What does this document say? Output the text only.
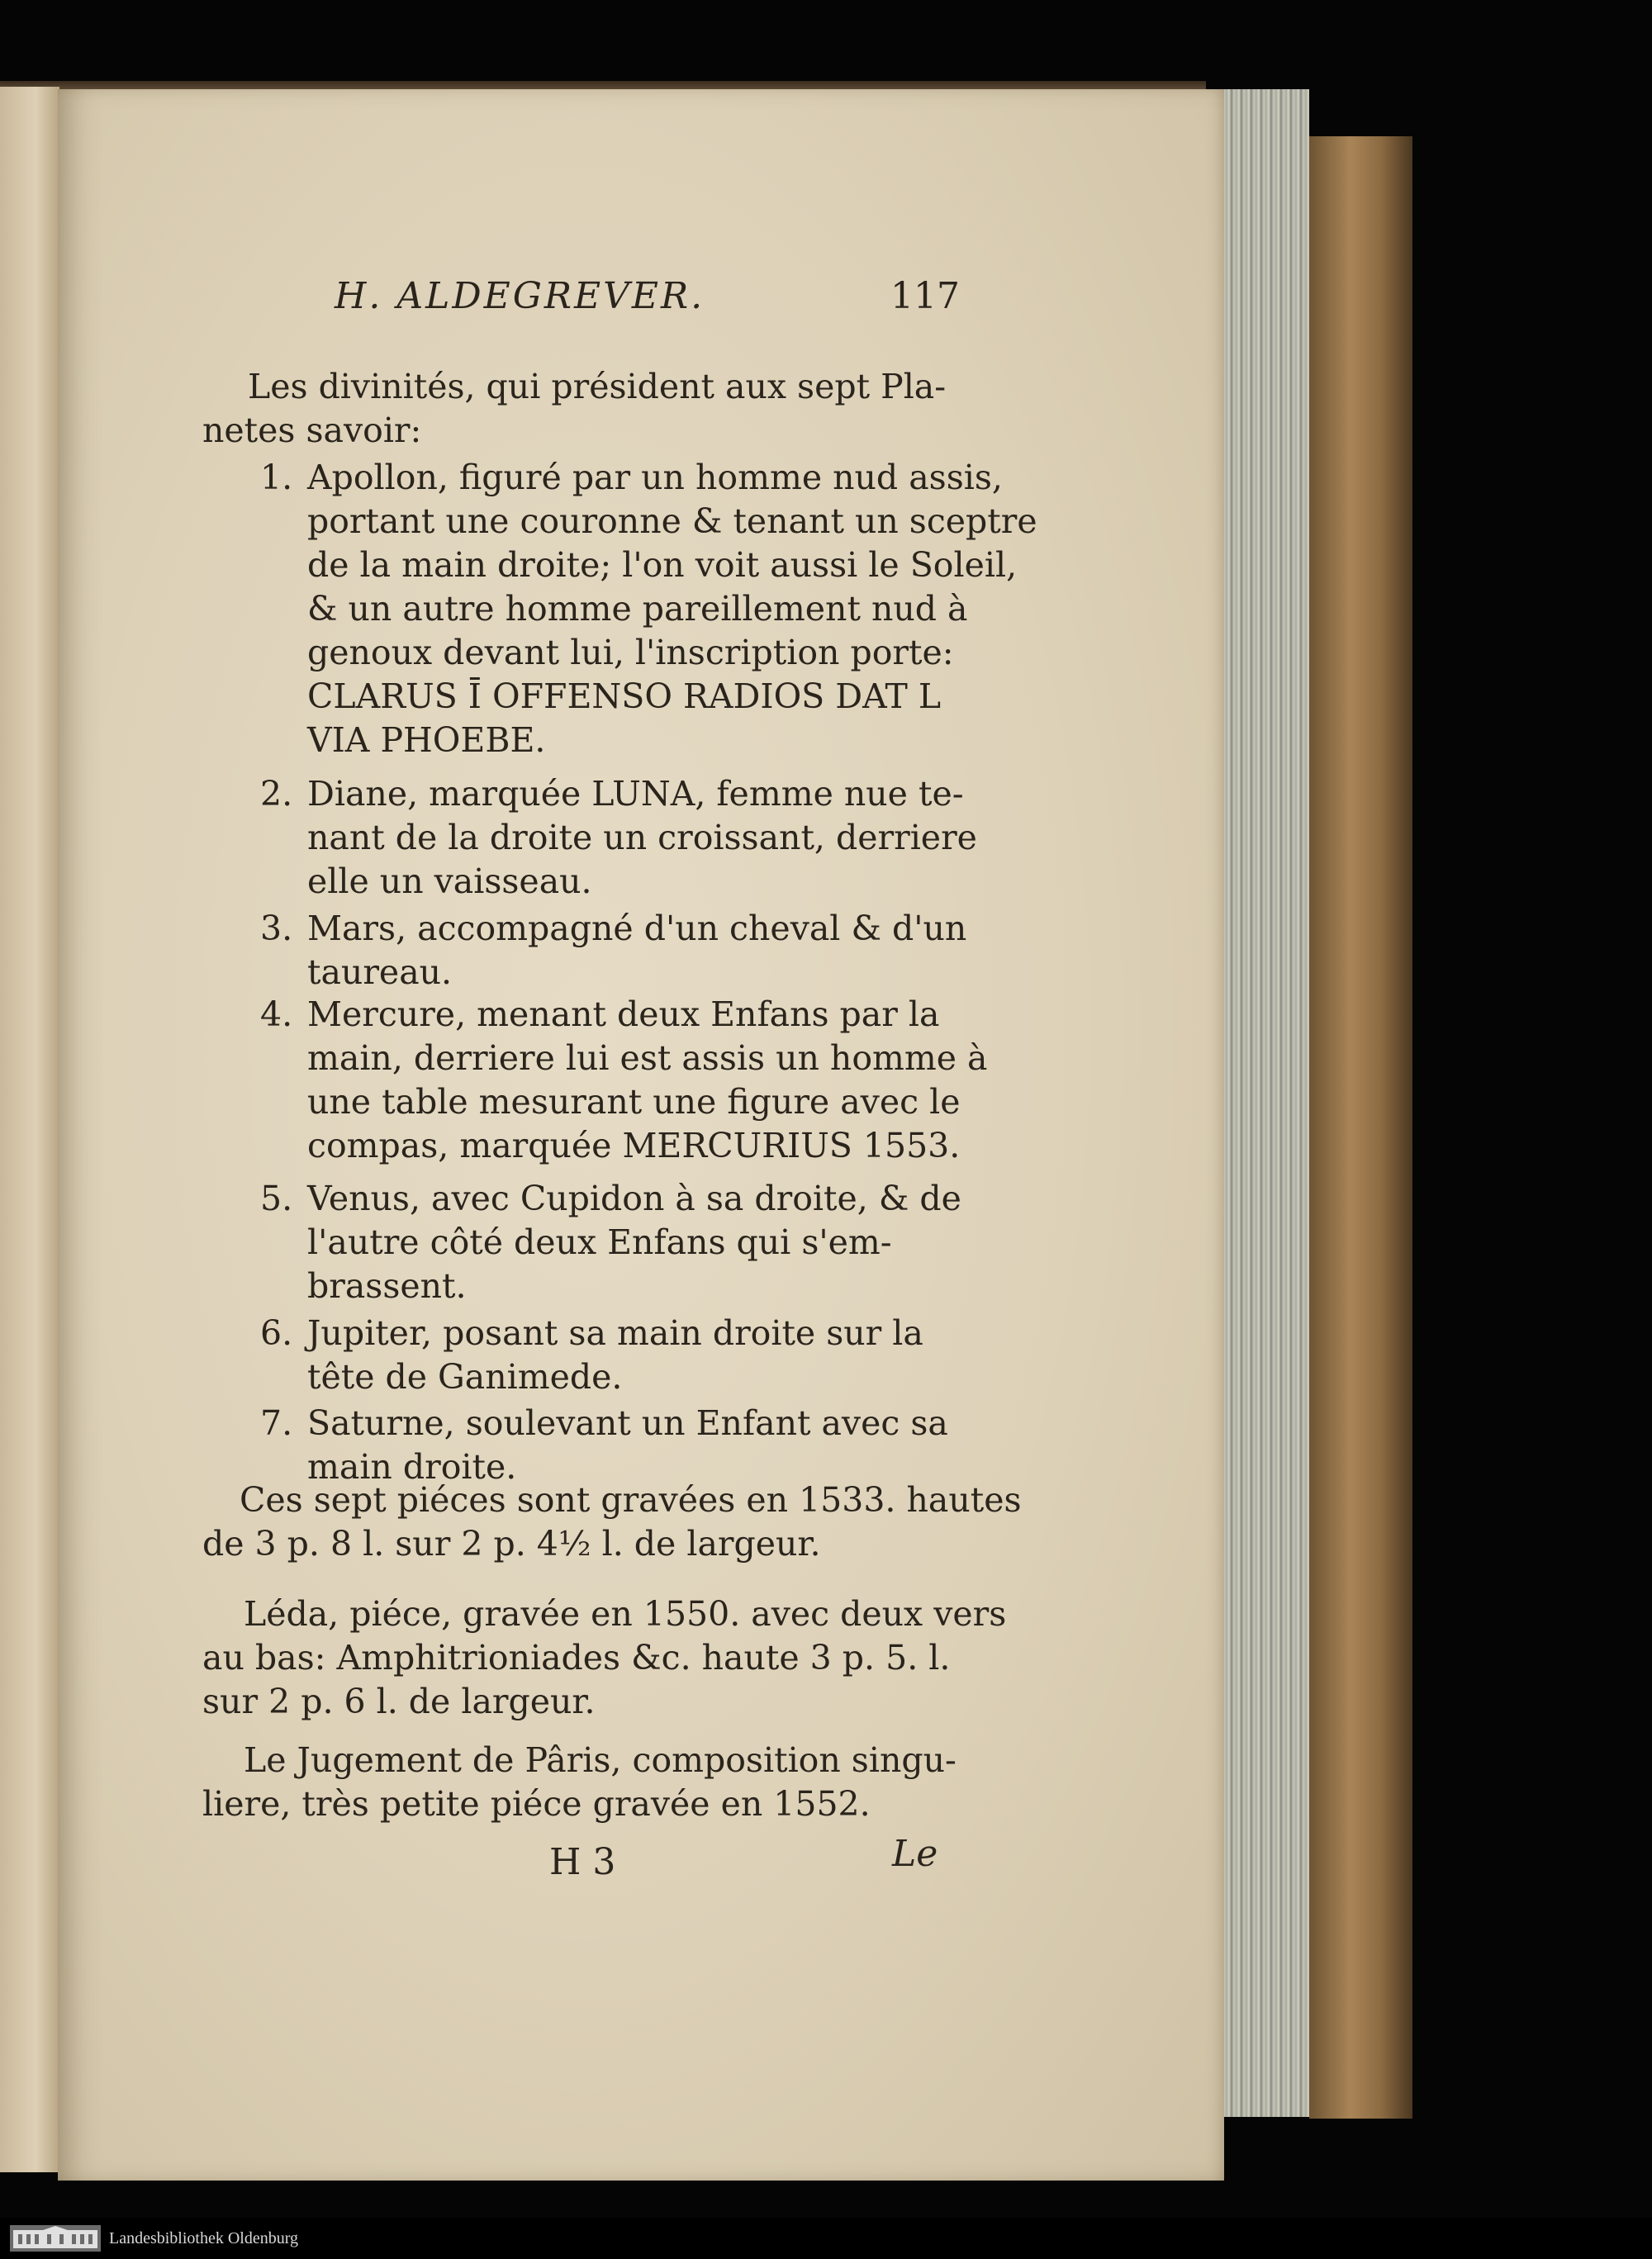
H. ALDEGREVER.	117
Les divinités, qui président aux sept Pla-
netes savoir:
1. Apollon, figuré par un homme nud assis,
portant une couronne & tenant un sceptre
de la main droite; l'on voit aussi le Soleil,
& un autre homme pareillement nud à
genoux devant lui, l'inscription porte:
CLARUS Ī OFFENSO RADIOS DAT L
VIA PHOEBE.
2. Diane, marquée LUNA, femme nue te-
nant de la droite un croissant, derriere
elle un vaisseau.
3. Mars, accompagné d'un cheval & d'un
taureau.
4. Mercure, menant deux Enfans par la
main, derriere lui est assis un homme à
une table mesurant une figure avec le
compas, marquée MERCURIUS 1553.
5. Venus, avec Cupidon à sa droite, & de
l'autre côté deux Enfans qui s'em-
brassent.
6. Jupiter, posant sa main droite sur la
tête de Ganimede.
7. Saturne, soulevant un Enfant avec sa
main droite.
Ces sept piéces sont gravées en 1533. hautes
de 3 p. 8 l. sur 2 p. 4½ l. de largeur.
Léda, piéce, gravée en 1550. avec deux vers
au bas: Amphitrioniades &c. haute 3 p. 5. l.
sur 2 p. 6 l. de largeur.
Le Jugement de Pâris, composition singu-
liere, très petite piéce gravée en 1552.
H 3	Le
Landesbibliothek Oldenburg
